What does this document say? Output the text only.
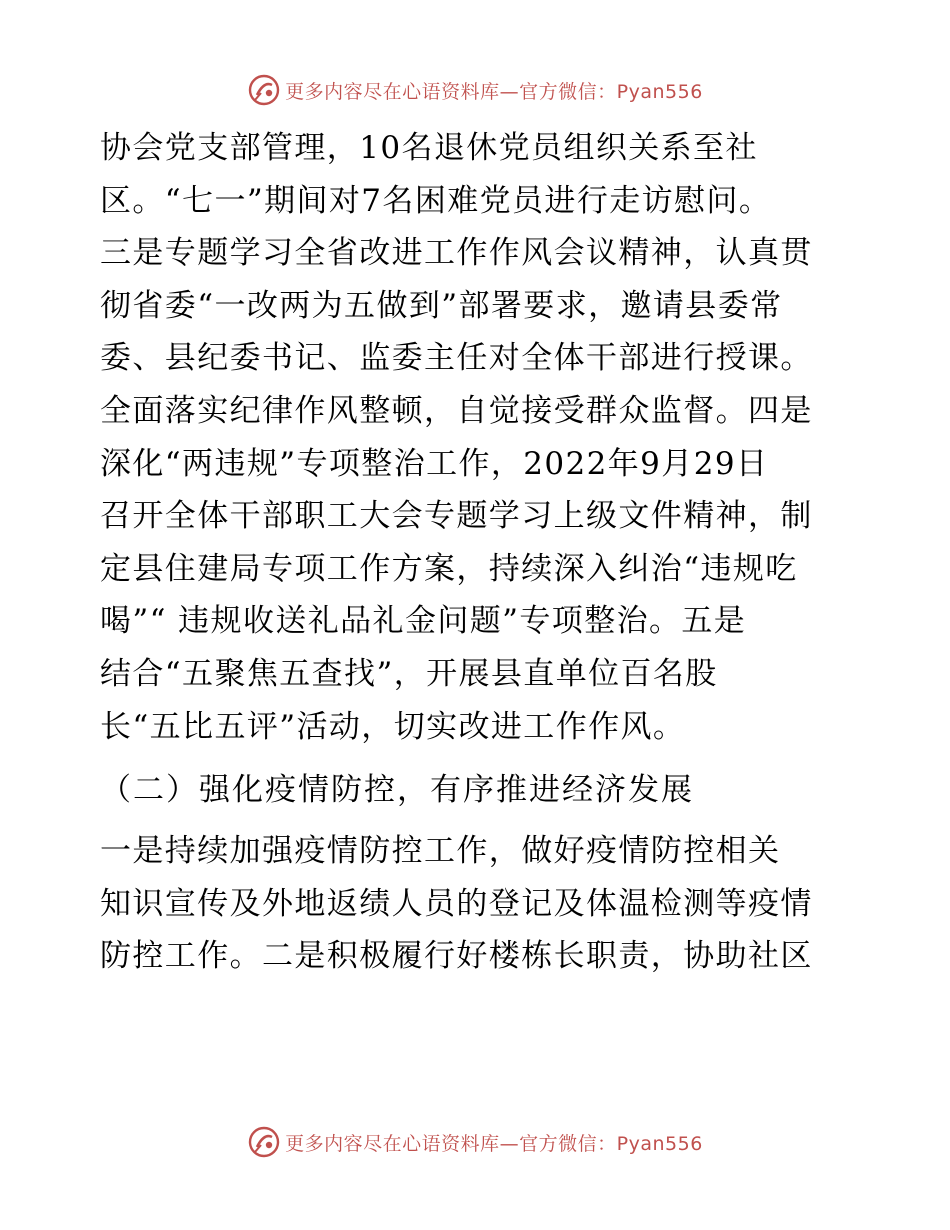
更多内容尽在心语资料库—官方微信：Pyan556
协会党支部管理，10名退休党员组织关系至社
区。“七一”期间对7名困难党员进行走访慰问。
三是专题学习全省改进工作作风会议精神，认真贯
彻省委“一改两为五做到”部署要求，邀请县委常
委、县纪委书记、监委主任对全体干部进行授课。
全面落实纪律作风整顿，自觉接受群众监督。四是
深化“两违规”专项整治工作，2022年9月29日
召开全体干部职工大会专题学习上级文件精神，制
定县住建局专项工作方案，持续深入纠治“违规吃
喝”“ 违规收送礼品礼金问题”专项整治。五是
结合“五聚焦五查找”，开展县直单位百名股
长“五比五评”活动，切实改进工作作风。
（二）强化疫情防控，有序推进经济发展
一是持续加强疫情防控工作，做好疫情防控相关
知识宣传及外地返绩人员的登记及体温检测等疫情
防控工作。二是积极履行好楼栋长职责，协助社区
更多内容尽在心语资料库—官方微信：Pyan556
